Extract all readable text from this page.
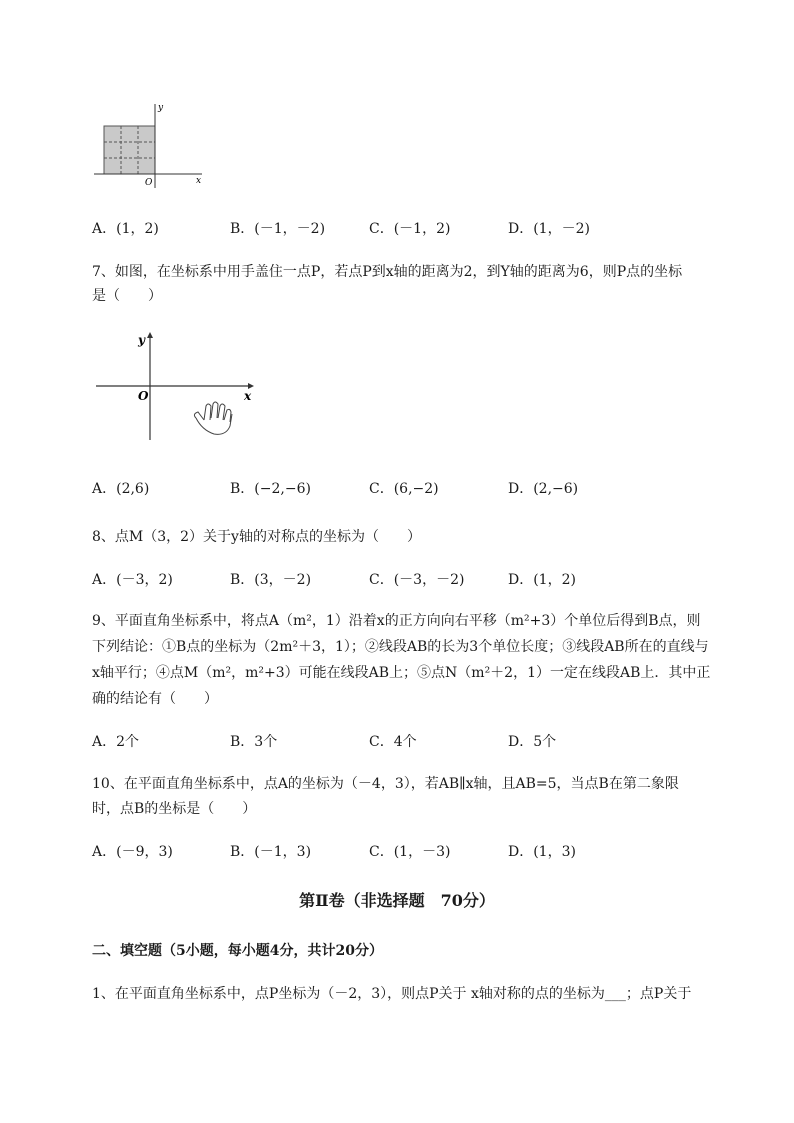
y
x
O
A．(1，2)	B．(－1，－2)	C．(－1，2)	D．(1，－2)
7、如图，在坐标系中用手盖住一点P，若点P到x轴的距离为2，到Y轴的距离为6，则P点的坐标
是（　　）
y
x
O
A．(2,6)	B．(−2,−6)	C．(6,−2)	D．(2,−6)
8、点M（3，2）关于y轴的对称点的坐标为（　　）
A．(－3，2)	B．(3，－2)	C．(－3，－2)	D．(1，2)
9、平面直角坐标系中，将点A（m²，1）沿着x的正方向向右平移（m²+3）个单位后得到B点，则
下列结论：①B点的坐标为（2m²＋3，1）；②线段AB的长为3个单位长度；③线段AB所在的直线与
x轴平行；④点M（m²，m²+3）可能在线段AB上；⑤点N（m²＋2，1）一定在线段AB上．其中正
确的结论有（　　）
A．2个	B．3个	C．4个	D．5个
10、在平面直角坐标系中，点A的坐标为（－4，3），若AB∥x轴，且AB=5，当点B在第二象限
时，点B的坐标是（　　）
A．(－9，3)	B．(－1，3)	C．(1，－3)	D．(1，3)
第Ⅱ卷（非选择题　70分）
二、填空题（5小题，每小题4分，共计20分）
1、在平面直角坐标系中，点P坐标为（－2，3），则点P关于 x轴对称的点的坐标为___；点P关于
